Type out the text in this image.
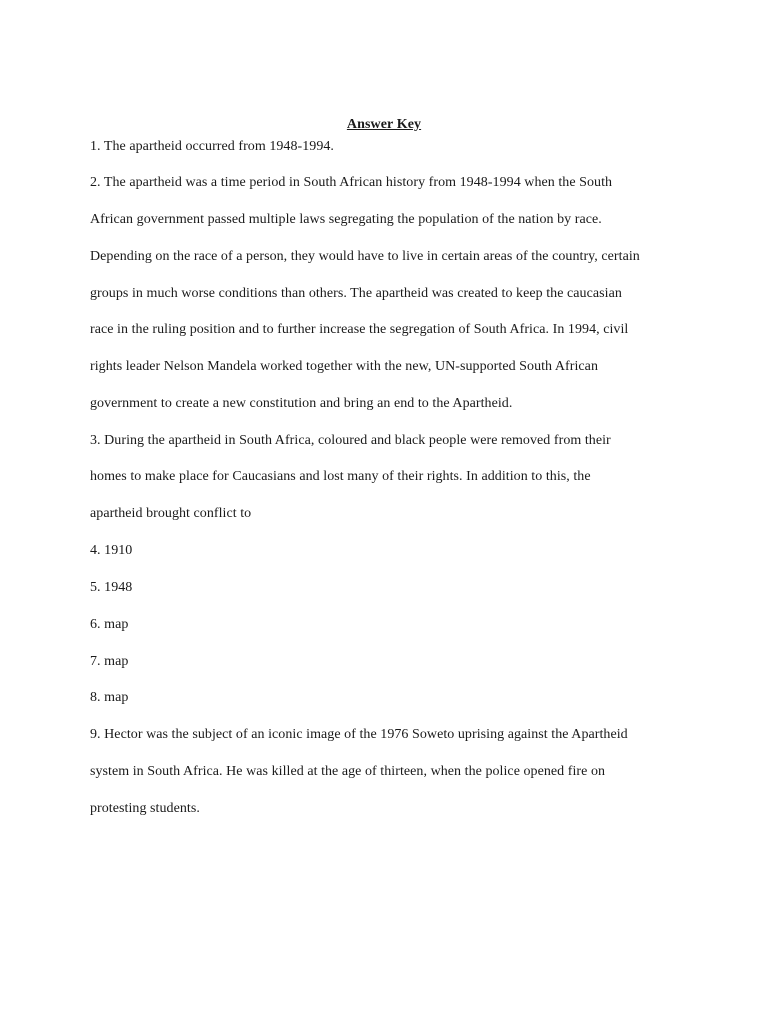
Answer Key
1. The apartheid occurred from 1948-1994.
2. The apartheid was a time period in South African history from 1948-1994 when the South
African government passed multiple laws segregating the population of the nation by race.
Depending on the race of a person, they would have to live in certain areas of the country, certain
groups in much worse conditions than others. The apartheid was created to keep the caucasian
race in the ruling position and to further increase the segregation of South Africa. In 1994, civil
rights leader Nelson Mandela worked together with the new, UN-supported South African
government to create a new constitution and bring an end to the Apartheid.
3. During the apartheid in South Africa, coloured and black people were removed from their
homes to make place for Caucasians and lost many of their rights. In addition to this, the
apartheid brought conflict to
4. 1910
5. 1948
6. map
7. map
8. map
9. Hector was the subject of an iconic image of the 1976 Soweto uprising against the Apartheid
system in South Africa. He was killed at the age of thirteen, when the police opened fire on
protesting students.
